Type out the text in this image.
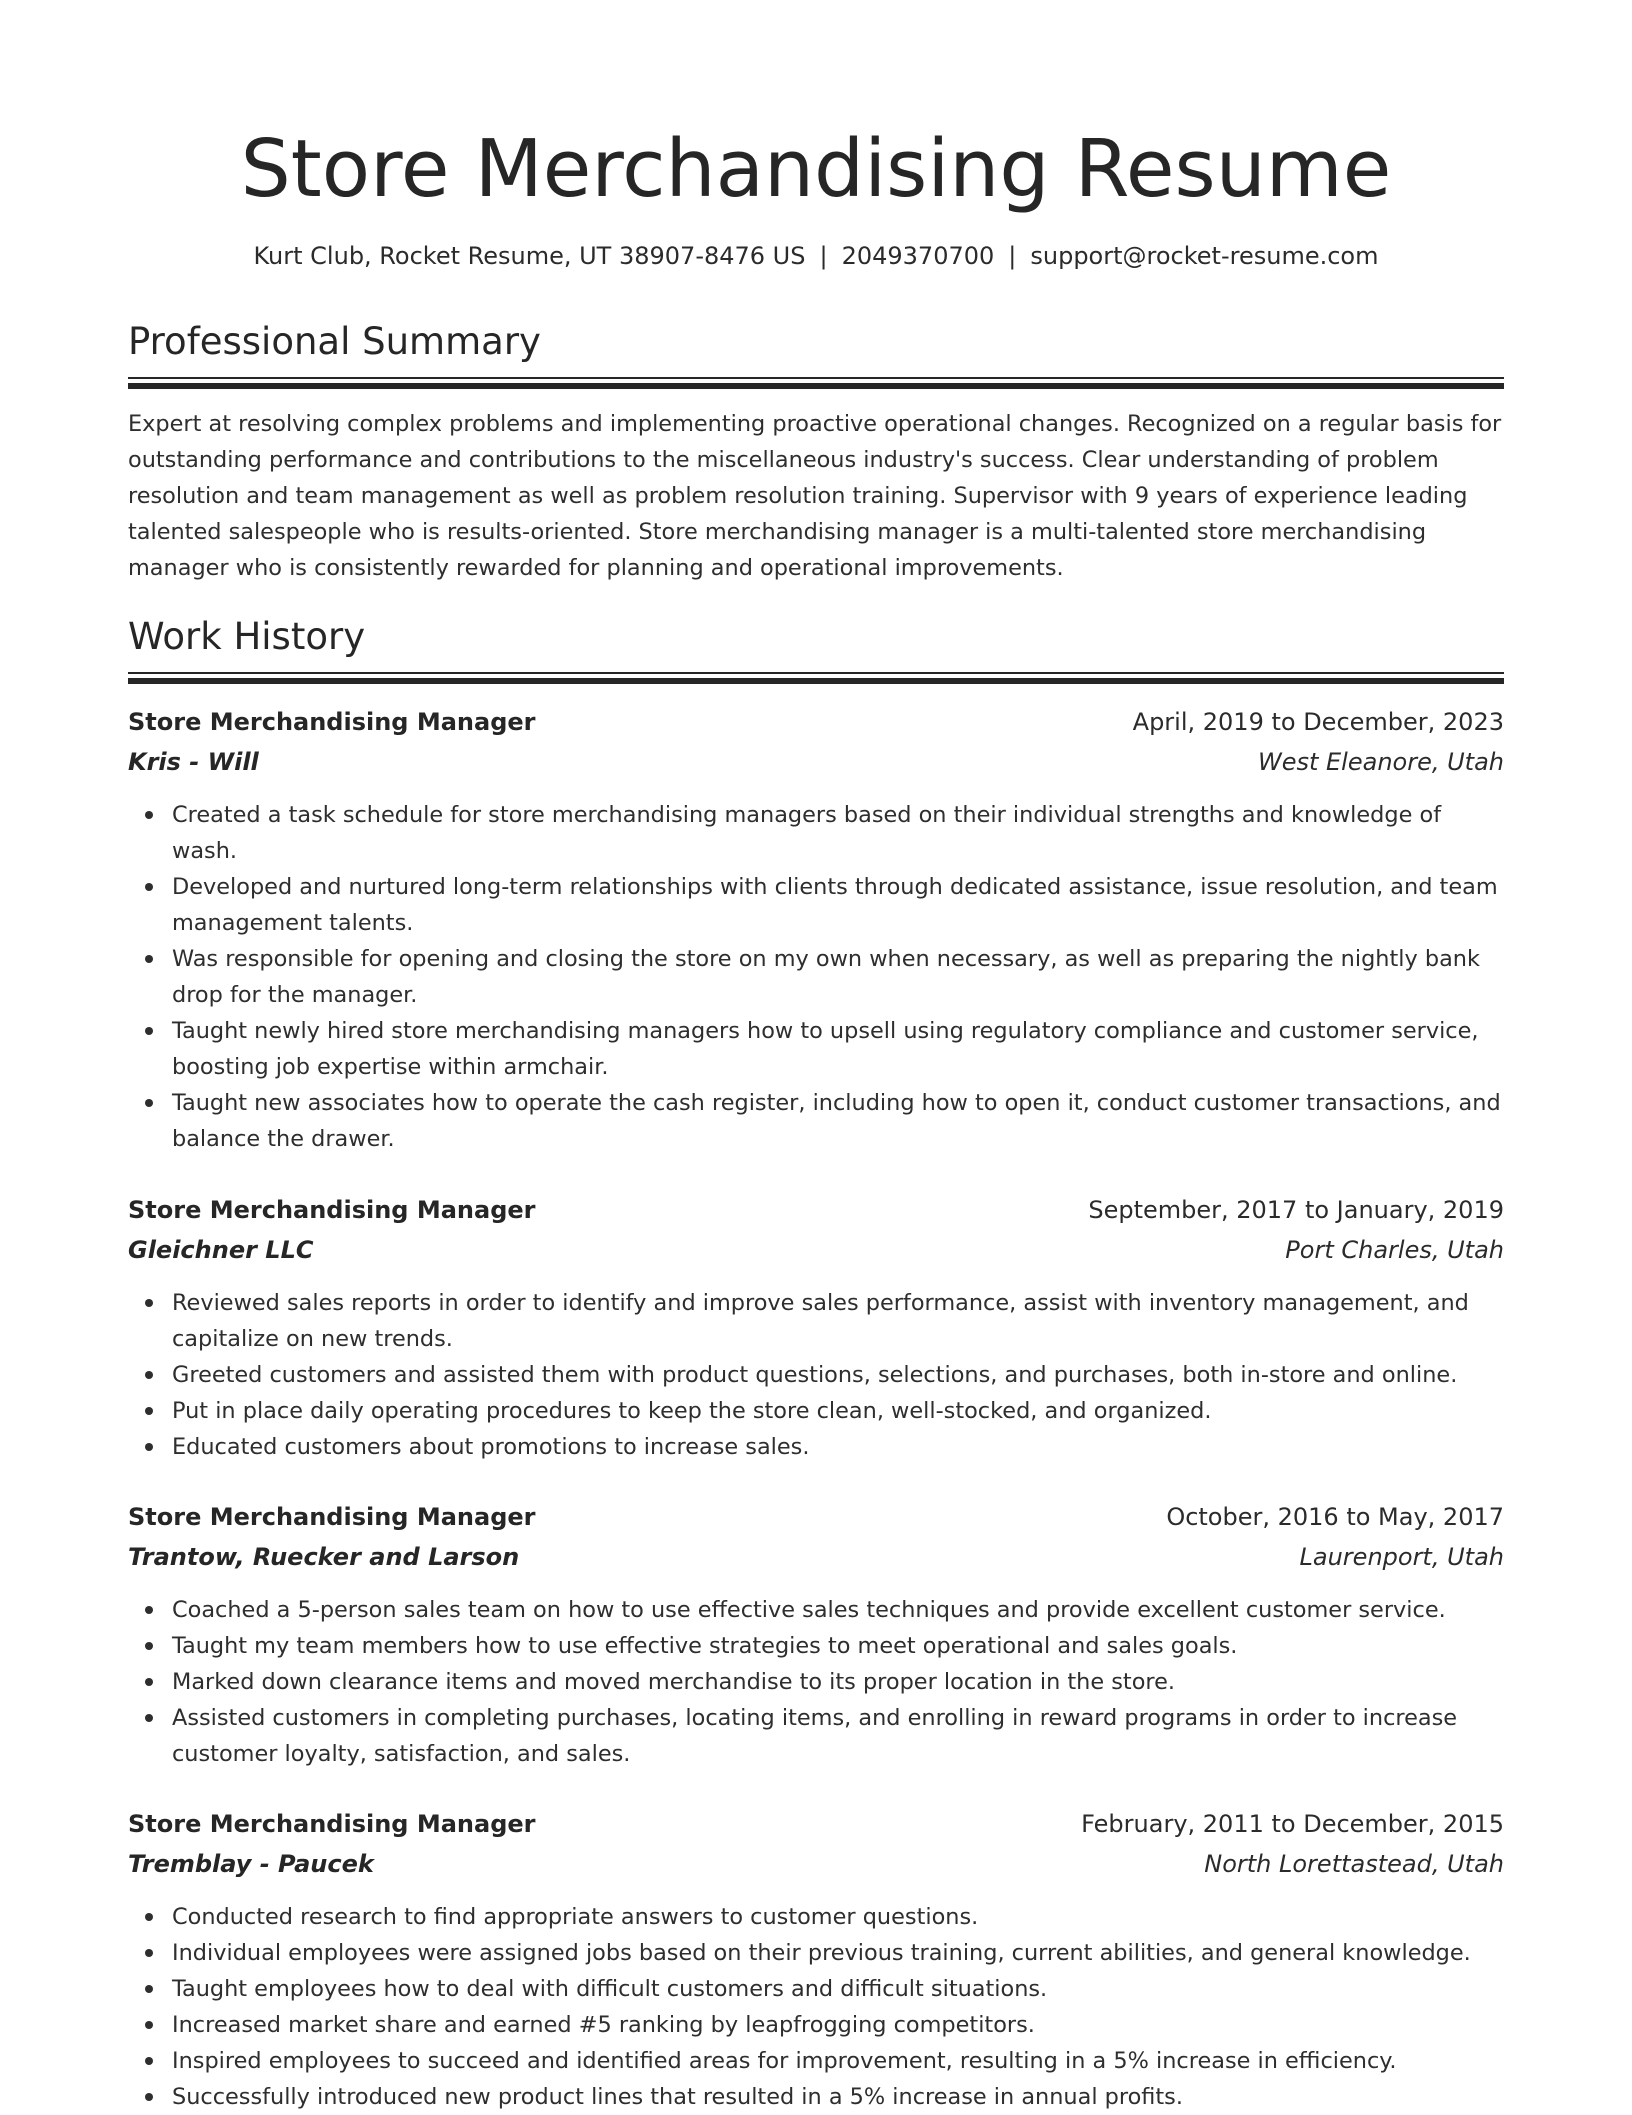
Store Merchandising Resume
Kurt Club, Rocket Resume, UT 38907-8476 US | 2049370700 | support@rocket-resume.com
Professional Summary

Expert at resolving complex problems and implementing proactive operational changes. Recognized on a regular basis for outstanding performance and contributions to the miscellaneous industry's success. Clear understanding of problem resolution and team management as well as problem resolution training. Supervisor with 9 years of experience leading talented salespeople who is results-oriented. Store merchandising manager is a multi-talented store merchandising manager who is consistently rewarded for planning and operational improvements.

Work History
Store Merchandising Manager	April, 2019 to December, 2023
Kris - Will	West Eleanore, Utah
Created a task schedule for store merchandising managers based on their individual strengths and knowledge of wash.
Developed and nurtured long-term relationships with clients through dedicated assistance, issue resolution, and team management talents.
Was responsible for opening and closing the store on my own when necessary, as well as preparing the nightly bank drop for the manager.
Taught newly hired store merchandising managers how to upsell using regulatory compliance and customer service, boosting job expertise within armchair.
Taught new associates how to operate the cash register, including how to open it, conduct customer transactions, and balance the drawer.
Store Merchandising Manager	September, 2017 to January, 2019
Gleichner LLC	Port Charles, Utah
Reviewed sales reports in order to identify and improve sales performance, assist with inventory management, and capitalize on new trends.
Greeted customers and assisted them with product questions, selections, and purchases, both in-store and online.
Put in place daily operating procedures to keep the store clean, well-stocked, and organized.
Educated customers about promotions to increase sales.
Store Merchandising Manager	October, 2016 to May, 2017
Trantow, Ruecker and Larson	Laurenport, Utah
Coached a 5-person sales team on how to use effective sales techniques and provide excellent customer service.
Taught my team members how to use effective strategies to meet operational and sales goals.
Marked down clearance items and moved merchandise to its proper location in the store.
Assisted customers in completing purchases, locating items, and enrolling in reward programs in order to increase customer loyalty, satisfaction, and sales.
Store Merchandising Manager	February, 2011 to December, 2015
Tremblay - Paucek	North Lorettastead, Utah
Conducted research to find appropriate answers to customer questions.
Individual employees were assigned jobs based on their previous training, current abilities, and general knowledge.
Taught employees how to deal with difficult customers and difficult situations.
Increased market share and earned #5 ranking by leapfrogging competitors.
Inspired employees to succeed and identified areas for improvement, resulting in a 5% increase in efficiency.
Successfully introduced new product lines that resulted in a 5% increase in annual profits.
